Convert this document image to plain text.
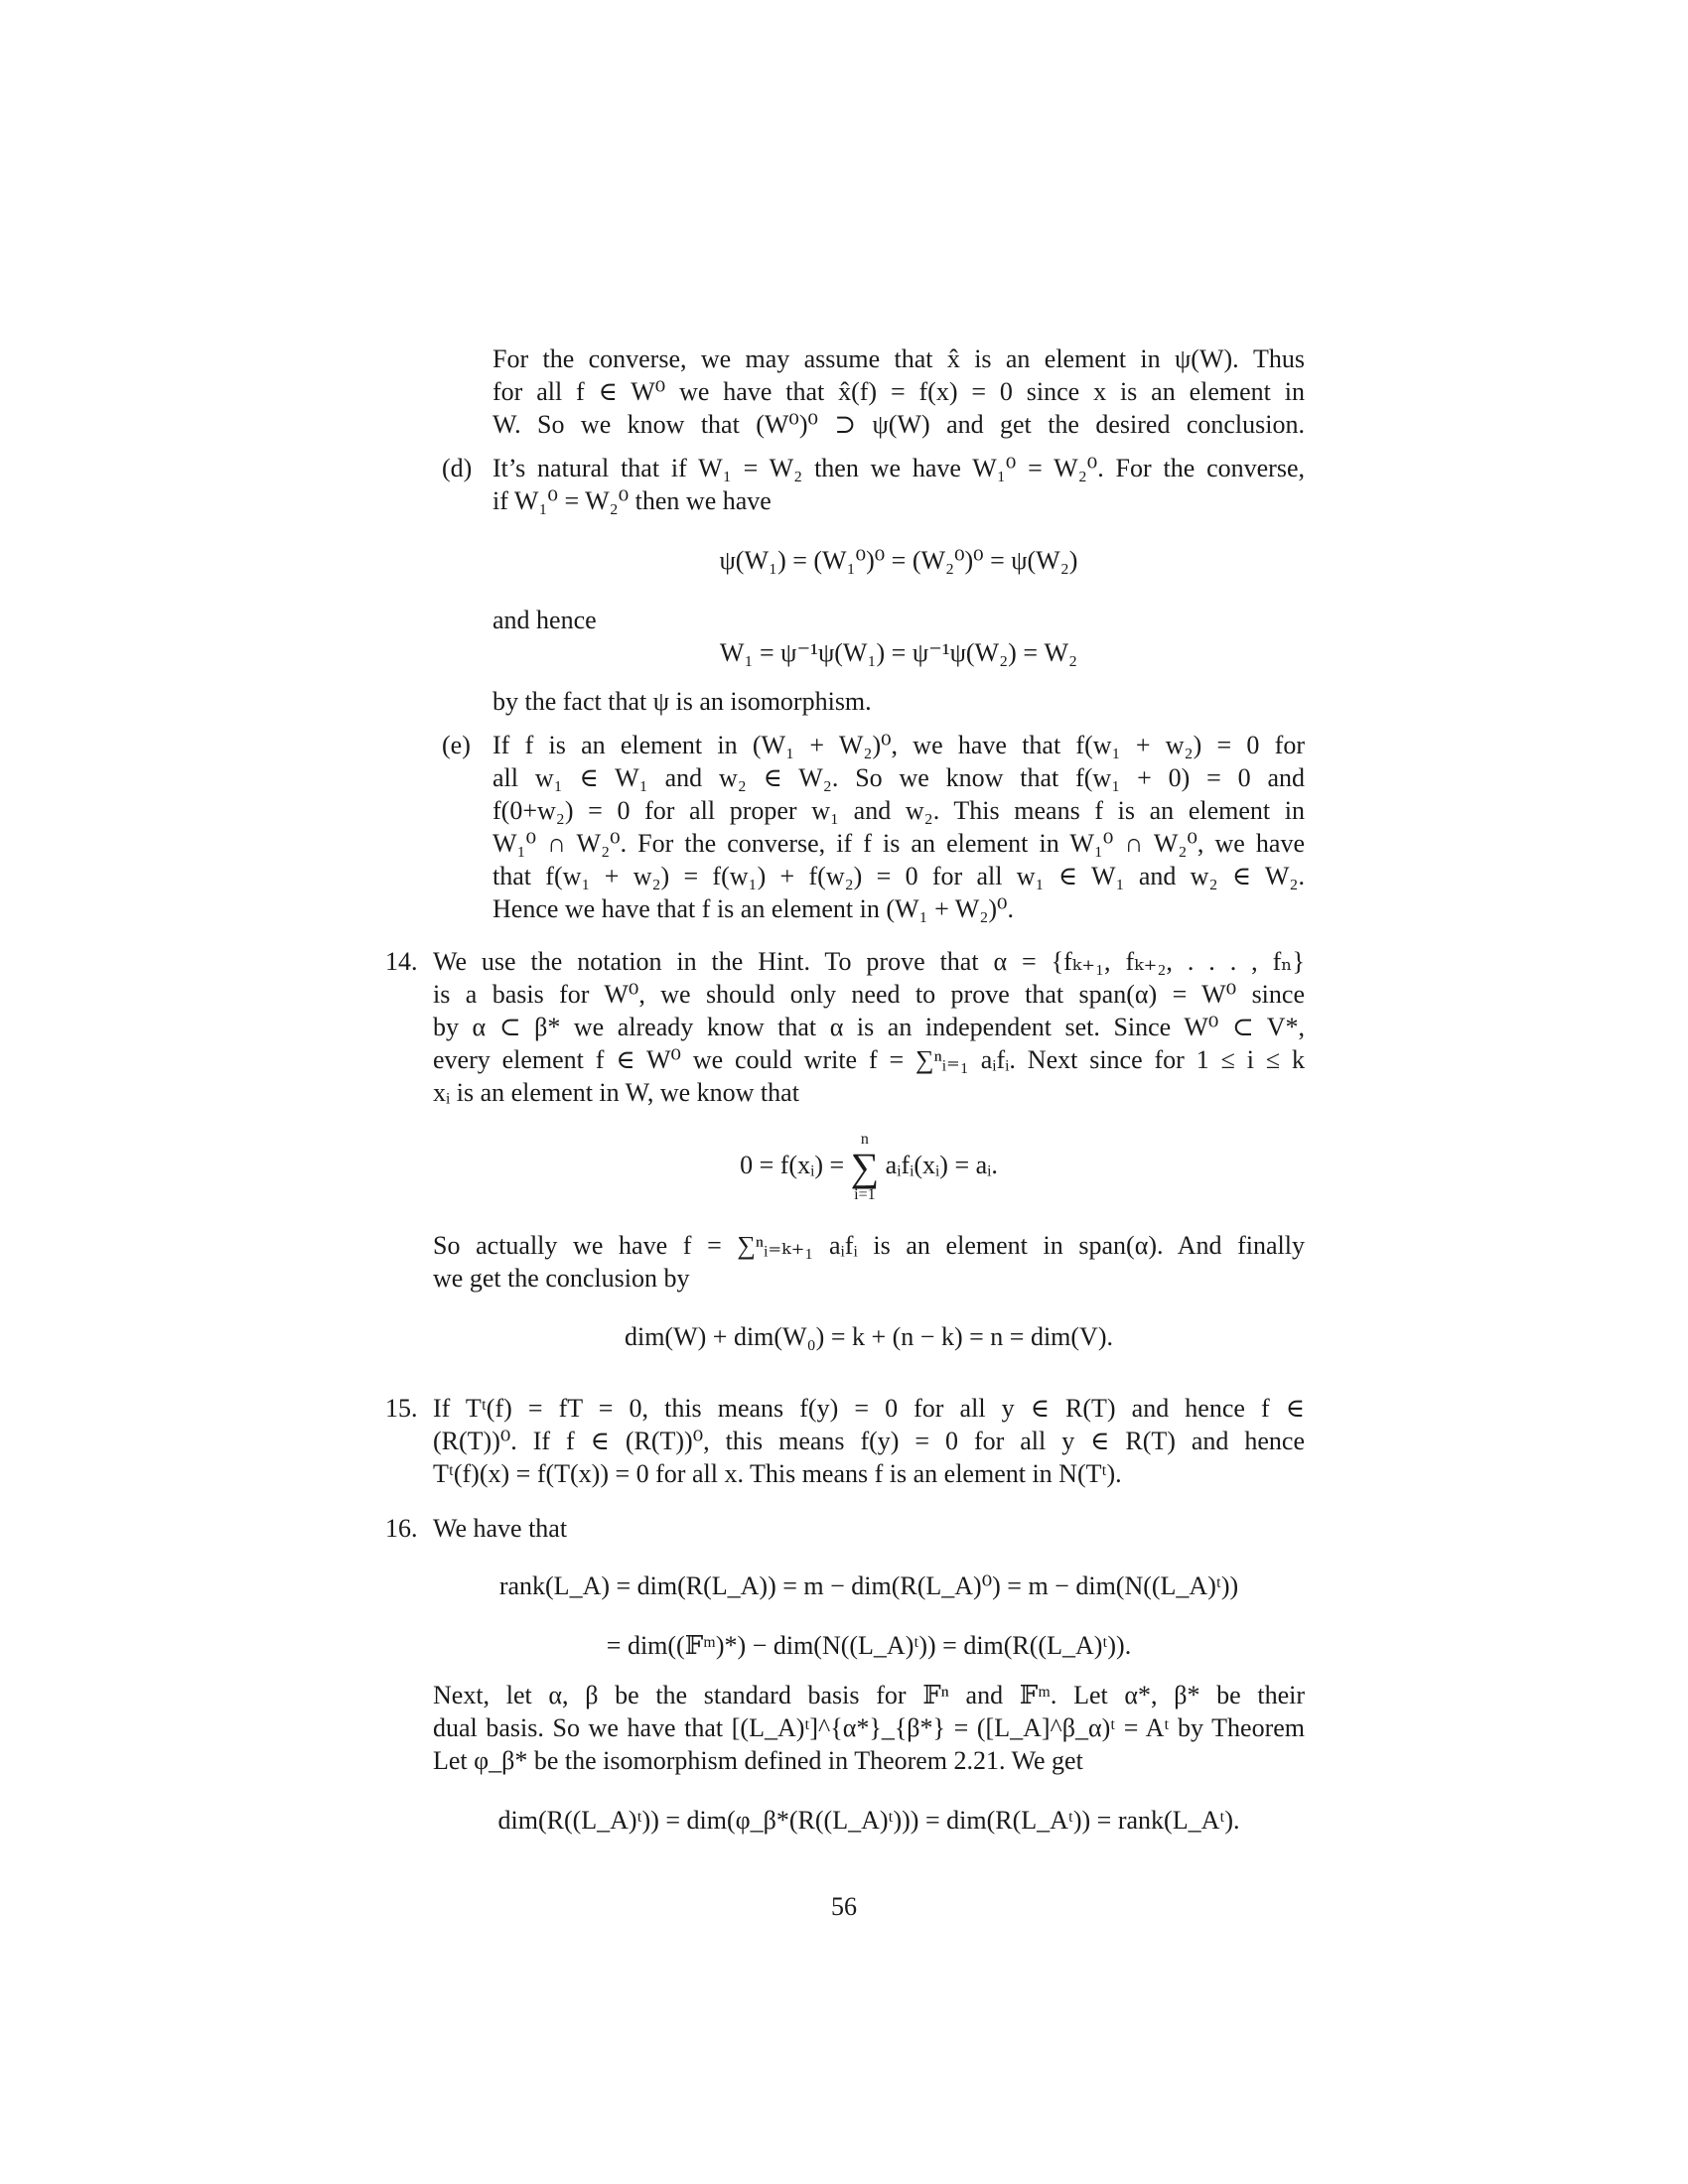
For the converse, we may assume that x̂ is an element in ψ(W). Thus
for all f ∈ W⁰ we have that x̂(f) = f(x) = 0 since x is an element in
W. So we know that (W⁰)⁰ ⊃ ψ(W) and get the desired conclusion.
(d) It’s natural that if W₁ = W₂ then we have W₁⁰ = W₂⁰. For the converse,
if W₁⁰ = W₂⁰ then we have
ψ(W₁) = (W₁⁰)⁰ = (W₂⁰)⁰ = ψ(W₂)
and hence
W₁ = ψ⁻¹ψ(W₁) = ψ⁻¹ψ(W₂) = W₂
by the fact that ψ is an isomorphism.
(e) If f is an element in (W₁ + W₂)⁰, we have that f(w₁ + w₂) = 0 for
all w₁ ∈ W₁ and w₂ ∈ W₂. So we know that f(w₁ + 0) = 0 and
f(0+w₂) = 0 for all proper w₁ and w₂. This means f is an element in
W₁⁰ ∩ W₂⁰. For the converse, if f is an element in W₁⁰ ∩ W₂⁰, we have
that f(w₁ + w₂) = f(w₁) + f(w₂) = 0 for all w₁ ∈ W₁ and w₂ ∈ W₂.
Hence we have that f is an element in (W₁ + W₂)⁰.
14. We use the notation in the Hint. To prove that α = {fₖ₊₁, fₖ₊₂, . . . , fₙ}
is a basis for W⁰, we should only need to prove that span(α) = W⁰ since
by α ⊂ β* we already know that α is an independent set. Since W⁰ ⊂ V*,
every element f ∈ W⁰ we could write f = ∑ⁿᵢ₌₁ aᵢfᵢ. Next since for 1 ≤ i ≤ k
xᵢ is an element in W, we know that
0 = f(xᵢ) =
n
∑
i=1
aᵢfᵢ(xᵢ) = aᵢ.
So actually we have f = ∑ⁿᵢ₌ₖ₊₁ aᵢfᵢ is an element in span(α). And finally
we get the conclusion by
dim(W) + dim(W₀) = k + (n − k) = n = dim(V).
15. If Tᵗ(f) = fT = 0, this means f(y) = 0 for all y ∈ R(T) and hence f ∈
(R(T))⁰. If f ∈ (R(T))⁰, this means f(y) = 0 for all y ∈ R(T) and hence
Tᵗ(f)(x) = f(T(x)) = 0 for all x. This means f is an element in N(Tᵗ).
16. We have that
rank(L_A) = dim(R(L_A)) = m − dim(R(L_A)⁰) = m − dim(N((L_A)ᵗ))
= dim((𝔽ᵐ)*) − dim(N((L_A)ᵗ)) = dim(R((L_A)ᵗ)).
Next, let α, β be the standard basis for 𝔽ⁿ and 𝔽ᵐ. Let α*, β* be their
dual basis. So we have that [(L_A)ᵗ]^{α*}_{β*} = ([L_A]^β_α)ᵗ = Aᵗ by Theorem
Let φ_β* be the isomorphism defined in Theorem 2.21. We get
dim(R((L_A)ᵗ)) = dim(φ_β*(R((L_A)ᵗ))) = dim(R(L_Aᵗ)) = rank(L_Aᵗ).
56
